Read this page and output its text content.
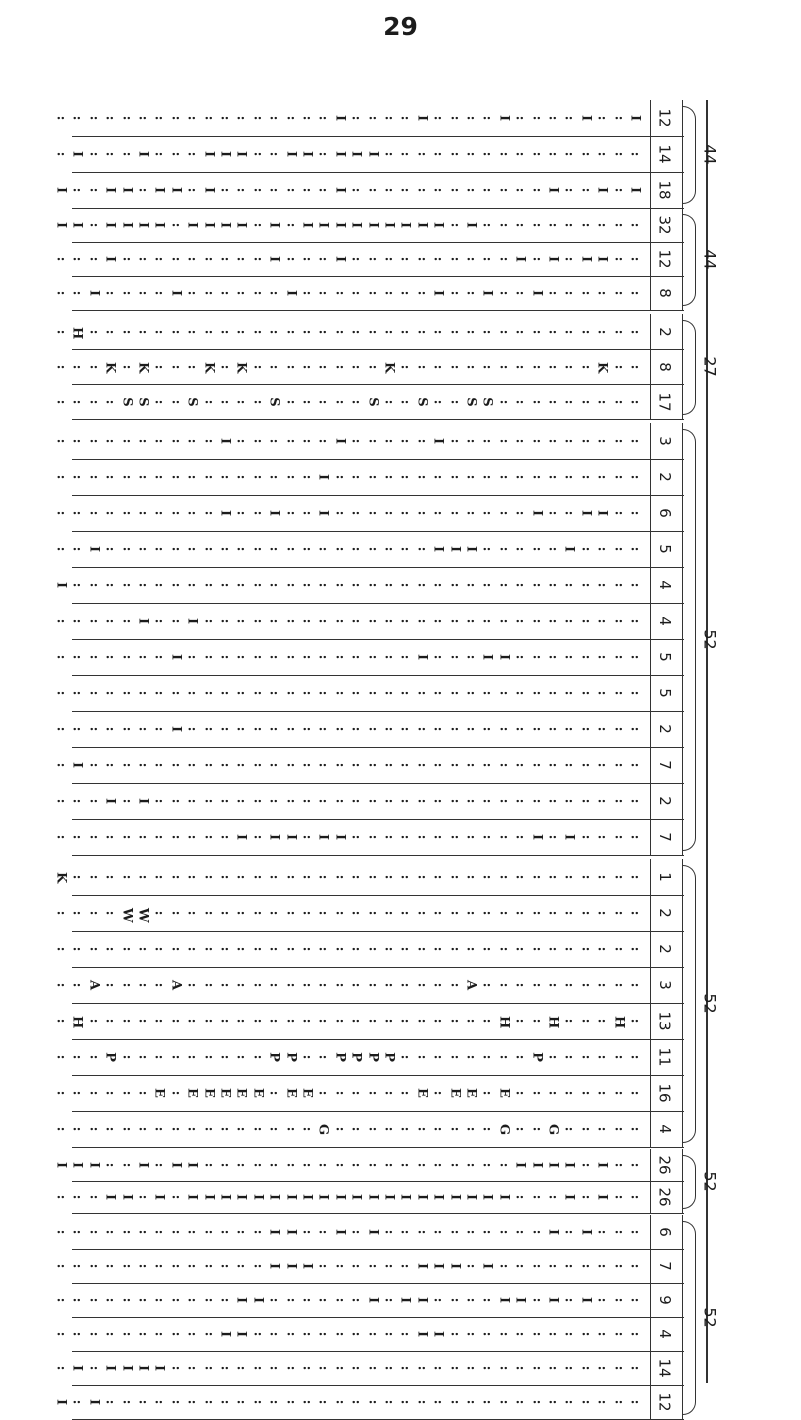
29
: : : : : : : : : : : : : : : : : I : : : : I : : : : I : : : : I : : I 12
: I : : : I : : : I I I : : I I : I I I : : : : : : : : : : : : : : : : 14
I : : I I : I I : I : : : : : : : I : : : : : : : : : : : : I : : I : I 18
I I : I I I I : I I I I : I : I I I I I I I I I : I : : : : : : : : : : 32
: : : I : : : : : : : : : I : : : I : : : : : : : : : : I : I : I I : : 12
: : I : : : : I : : : : : : I : : : : : : : : I : : I : : I : : : : : : 8
: H : : : : : : : : : : : : : : : : : : : : : : : : : : : : : : : : : : 2
: : : K : K : : : K : K : : : : : : : : K : : : : : : : : : : : : K : : 8
: : : : S S : : S : : : : S : : : : : S : : S : : S S : : : : : : : : : 17
: : : : : : : : : : I : : : : : : I : : : : : I : : : : : : : : : : : : 3
: : : : : : : : : : : : : : : : I : : : : : : : : : : : : : : : : : : : 2
: : : : : : : : : : I : : I : : I : : : : : : : : : : : : I : : I I : : 6
: : I : : : : : : : : : : : : : : : : : : : : I I I : : : : : I : : : : 5
I : : : : : : : : : : : : : : : : : : : : : : : : : : : : : : : : : : : 4
: : : : : I : : I : : : : : : : : : : : : : : : : : : : : : : : : : : : 4
: : : : : : : I : : : : : : : : : : : : : : I : : : I I : : : : : : : : 5
: : : : : : : : : : : : : : : : : : : : : : : : : : : : : : : : : : : : 5
: : : : : : : I : : : : : : : : : : : : : : : : : : : : : : : : : : : : 2
: I : : : : : : : : : : : : : : : : : : : : : : : : : : : : : : : : : : 7
: : : I : I : : : : : : : : : : : : : : : : : : : : : : : : : : : : : : 2
: : : : : : : : : : : I : I I : I I : : : : : : : : : : : I : I : : : : 7
K : : : : : : : : : : : : : : : : : : : : : : : : : : : : : : : : : : : 1
: : : : W W : : : : : : : : : : : : : : : : : : : : : : : : : : : : : : 2
: : : : : : : : : : : : : : : : : : : : : : : : : : : : : : : : : : : : 2
: : A : : : : A : : : : : : : : : : : : : : : : : A : : : : : : : : : : 3
: H : : : : : : : : : : : : : : : : : : : : : : : : : H : : H : : : H : 13
: : : P : : : : : : : : : P P : : P P P P : : : : : : : : P : : : : : : 11
: : : : : : E : E E E E E : E E : : : : : : E : E E : E : : : : : : : : 16
: : : : : : : : : : : : : : : : G : : : : : : : : : : G : : G : : : : : 4
I I I : : I : I I : : : : : : : : : : : : : : : : : : : I I I I : I : : 26
: : : I I : I : I I I I I I I I I I I I I I I I I I I I : : : I : I : : 26
: : : : : : : : : : : : : I I : : I : I : : : : : : : : : : I : I : : : 6
: : : : : : : : : : : : : I I I : : : : : : I I I : I : : : : : : : : : 7
: : : : : : : : : : : I I : : : : : : I : I I : : : : I I : I : I : : : 9
: : : : : : : : : : I I : : : : : : : : : : I I : : : : : : : : : : : : 4
: I : I I I I : : : : : : : : : : : : : : : : : : : : : : : : : : : : : 14
I : I : : : : : : : : : : : : : : : : : : : : : : : : : : : : : : : : : 12
44
44
27
52
52
52
52
